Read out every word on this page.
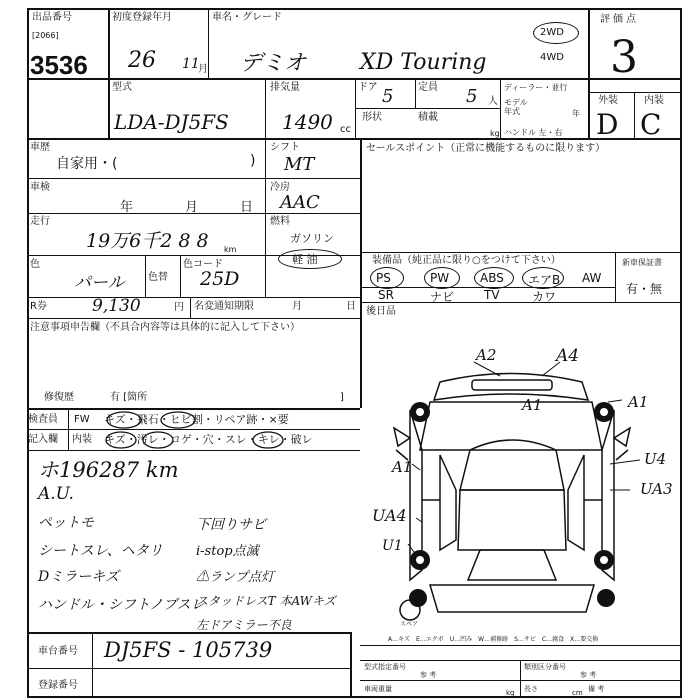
出品番号
[2066]
3536
初度登録年月
26 11
月
車名・グレード
デミオ XD Touring
2WD
4WD
評価点
3
外装	内装
D C
型式
LDA-DJ5FS
排気量
1490 cc
ドア 5 定員 5 人
ディーラー・並行
モデル
年式	年
形状	積載
kg ハンドル 左・右
車歴
自家用・(	)
シフト
MT
車検
年	月	日
冷房
AAC
走行
19万6千2 8 8 km
燃料
ガソリン
軽 油
色
パール 色替
色コード
25D
R券	9,130	円 名変通知期限	月	日
セールスポイント（正常に機能するものに限ります）
装備品（純正品に限り○をつけて下さい）	新車保証書
PS	PW	ABS エアB AW
SR	ナビ TV	カワ
有・無
注意事項申告欄（不具合内容等は具体的に記入して下さい）
修復歴	有 [箇所	]
後日品
検査員
記入欄
FW キズ・飛石・ヒビ割・リペア跡・×要
内装 キズ・汚レ・コゲ・穴・スレ・キレ・破レ
ホ196287 km
A.U.
ペットモ
シートスレ、ヘタリ
Dミラーキズ
ハンドル・シフトノブスレ
下回りサビ
i-stop点滅
⚠ランプ点灯
スタッドレスT 本AWキズ
左ドアミラー不良
A2	A4
A1	A1
A1	U4
UA3
UA4
U1
スペア
A…キズ　E…エクボ　U…凹み　W…補修跡　S…サビ　C…腐食　X…要交換
車台番号 DJ5FS - 105739
登録番号
型式指定番号	類別区分番号
参 考	参 考
備 考
車両重量	kg 長さ	cm
